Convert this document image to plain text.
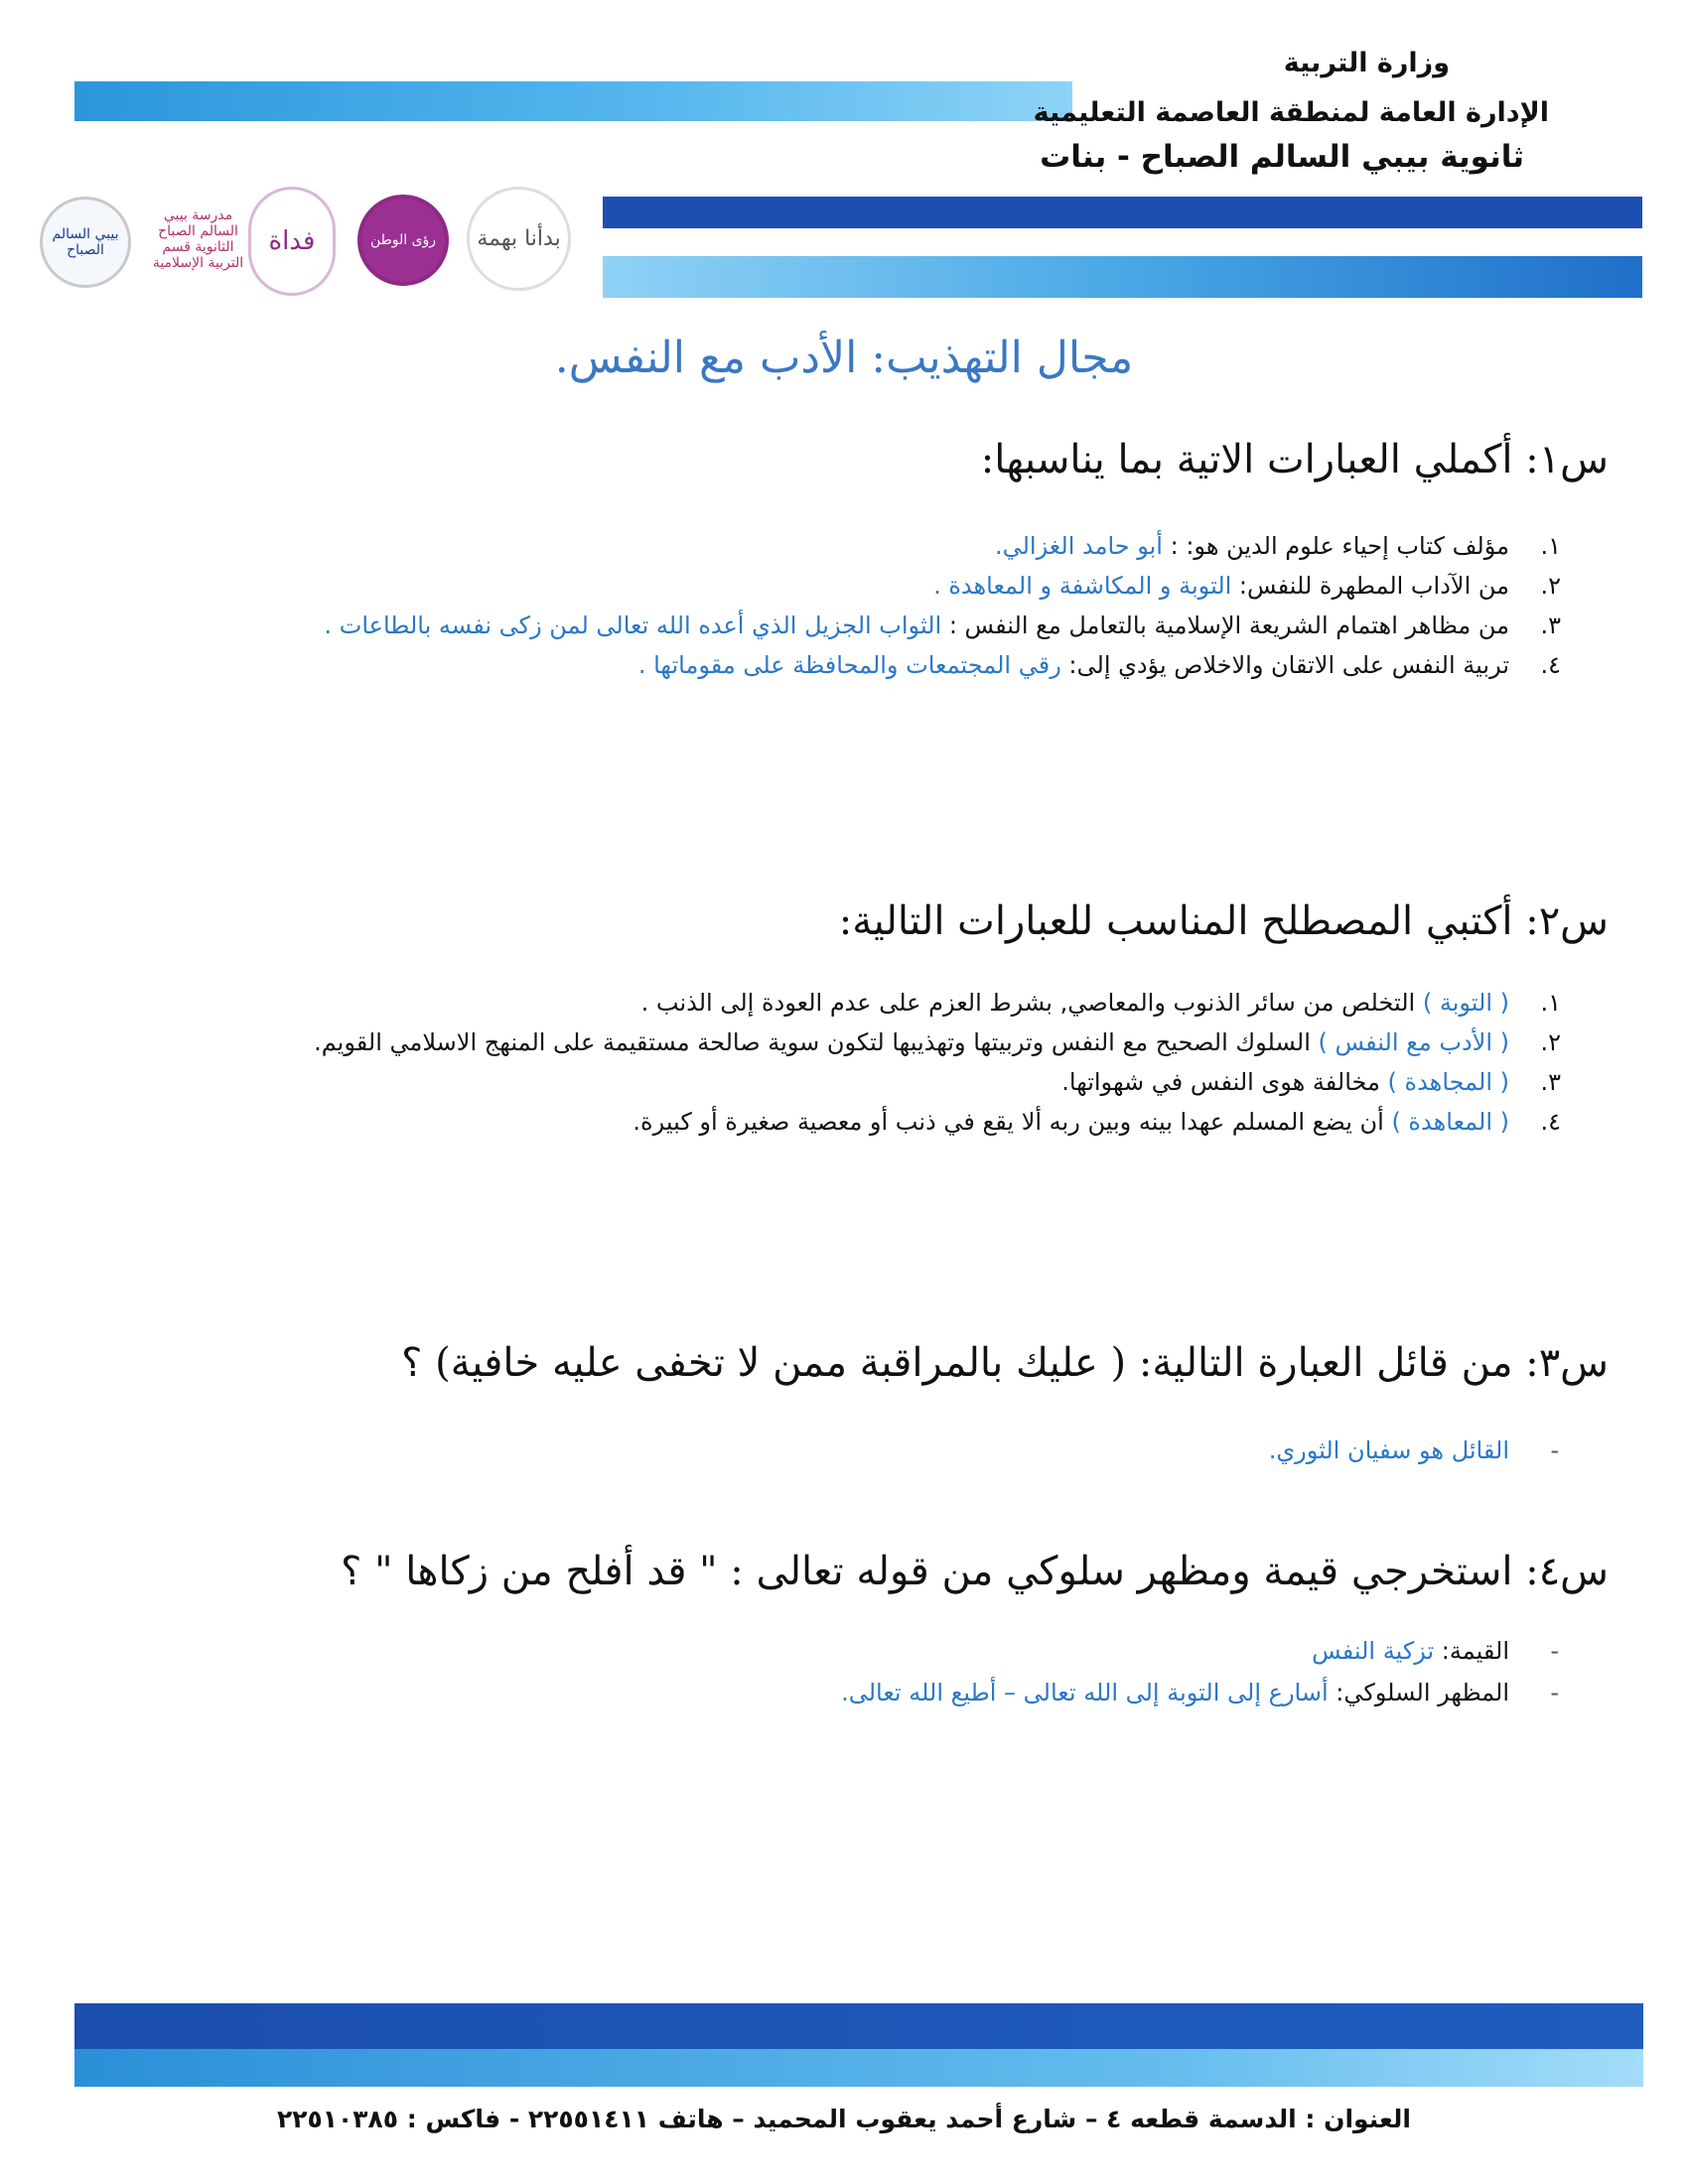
وزارة التربية
الإدارة العامة لمنطقة العاصمة التعليمية
ثانوية بيبي السالم الصباح - بنات
بيبي السالم الصباح
مدرسة بيبي السالم الصباح الثانوية قسم التربية الإسلامية
فداة	رؤى الوطن	بدأنا بهمة
مجال التهذيب: الأدب مع النفس.
س١: أكملي العبارات الاتية بما يناسبها:
١.
مؤلف كتاب إحياء علوم الدين هو: : أبو حامد الغزالي.
٢.
من الآداب المطهرة للنفس: التوبة و المكاشفة و المعاهدة .
٣.
من مظاهر اهتمام الشريعة الإسلامية بالتعامل مع النفس : الثواب الجزيل الذي أعده الله تعالى لمن زكى نفسه بالطاعات .
٤.
تربية النفس على الاتقان والاخلاص يؤدي إلى: رقي المجتمعات والمحافظة على مقوماتها .
س٢: أكتبي المصطلح المناسب للعبارات التالية:
١.
( التوبة ) التخلص من سائر الذنوب والمعاصي, بشرط العزم على عدم العودة إلى الذنب .
٢.
( الأدب مع النفس ) السلوك الصحيح مع النفس وتربيتها وتهذيبها لتكون سوية صالحة مستقيمة على المنهج الاسلامي القويم.
٣.
( المجاهدة ) مخالفة هوى النفس في شهواتها.
٤.
( المعاهدة ) أن يضع المسلم عهدا بينه وبين ربه ألا يقع في ذنب أو معصية صغيرة أو كبيرة.
س٣: من قائل العبارة التالية: ( عليك بالمراقبة ممن لا تخفى عليه خافية) ؟
-
القائل هو سفيان الثوري.
س٤: استخرجي قيمة ومظهر سلوكي من قوله تعالى : " قد أفلح من زكاها " ؟
-
القيمة: تزكية النفس
-
المظهر السلوكي: أسارع إلى التوبة إلى الله تعالى – أطيع الله تعالى.
العنوان : الدسمة قطعه ٤ – شارع أحمد يعقوب المحميد – هاتف ٢٢٥٥١٤١١ - فاكس : ٢٢٥١٠٣٨٥
